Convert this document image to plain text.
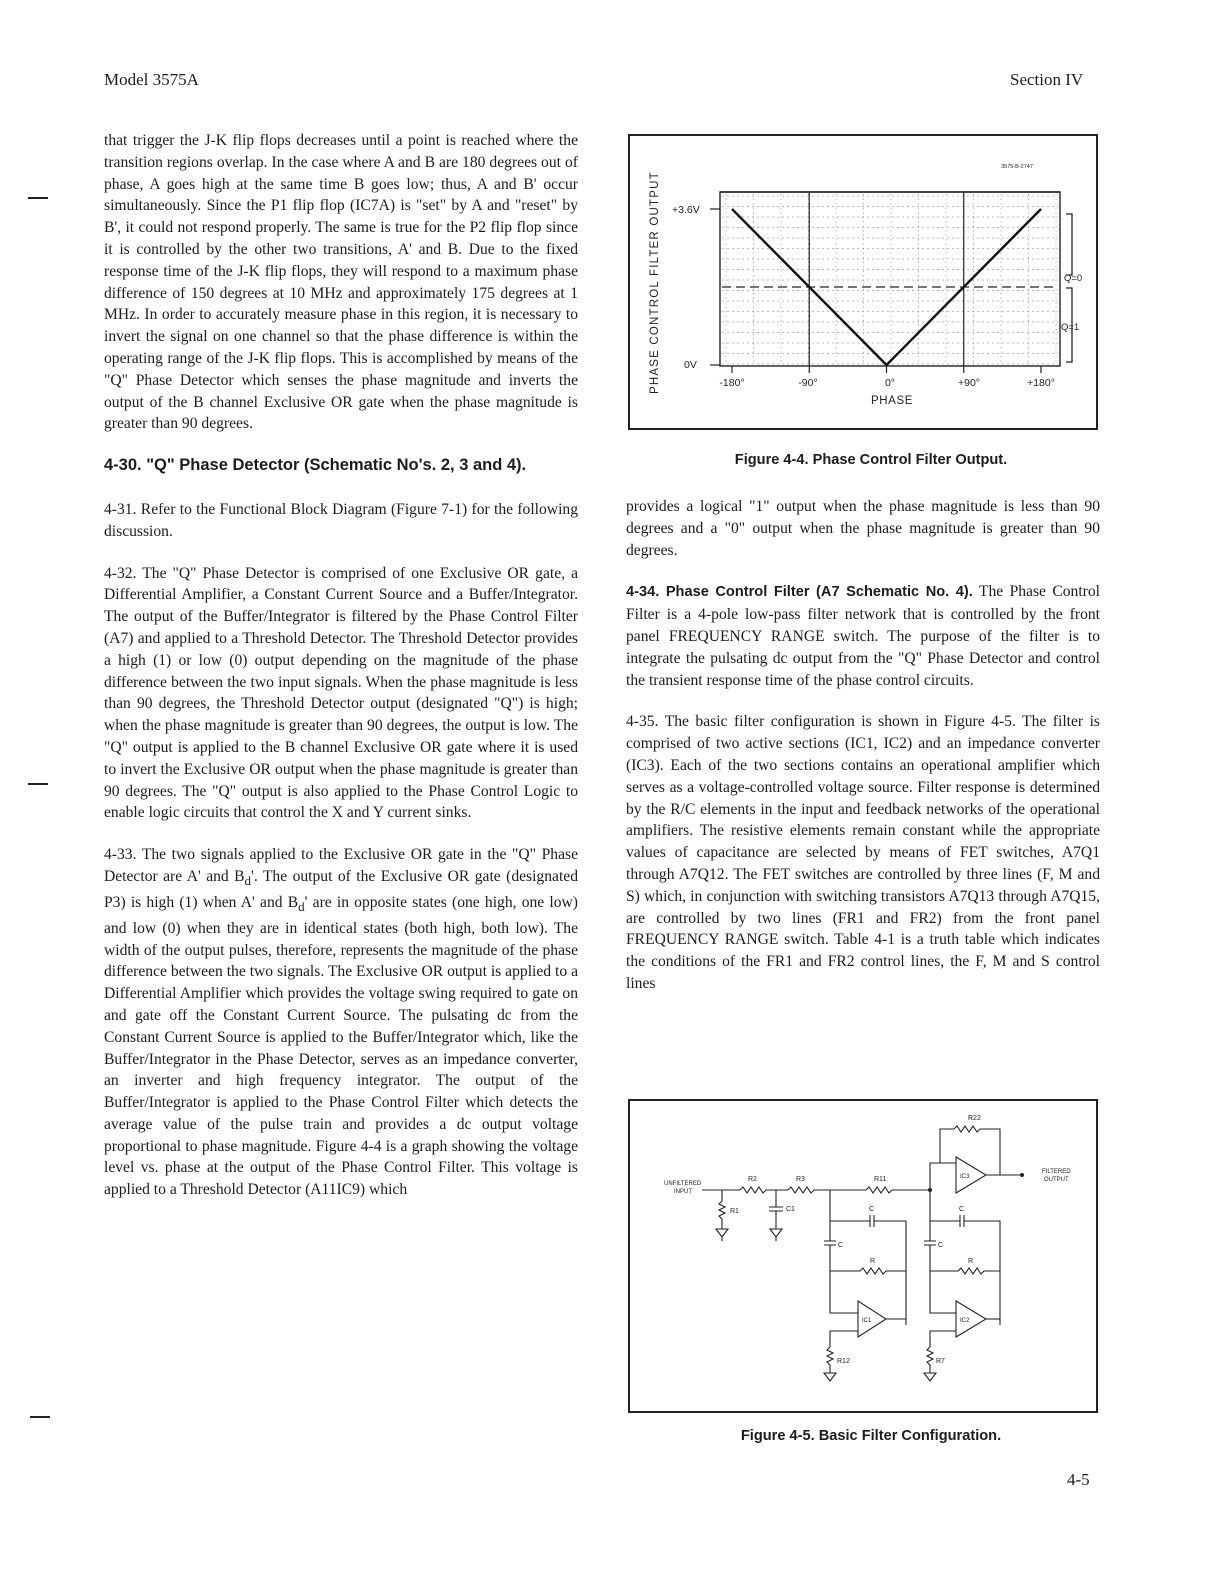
Model 3575A	Section IV

that trigger the J-K flip flops decreases until a point is reached where the transition regions overlap. In the case where A and B are 180 degrees out of phase, A goes high at the same time B goes low; thus, A and B' occur simultaneously. Since the P1 flip flop (IC7A) is "set" by A and "reset" by B', it could not respond properly. The same is true for the P2 flip flop since it is controlled by the other two transitions, A' and B. Due to the fixed response time of the J-K flip flops, they will respond to a maximum phase difference of 150 degrees at 10 MHz and approximately 175 degrees at 1 MHz. In order to accurately measure phase in this region, it is necessary to invert the signal on one channel so that the phase difference is within the operating range of the J-K flip flops. This is accomplished by means of the "Q" Phase Detector which senses the phase magnitude and inverts the output of the B channel Exclusive OR gate when the phase magnitude is greater than 90 degrees.

4-30. "Q" Phase Detector (Schematic No's. 2, 3 and 4).

4-31. Refer to the Functional Block Diagram (Figure 7-1) for the following discussion.

4-32. The "Q" Phase Detector is comprised of one Exclusive OR gate, a Differential Amplifier, a Constant Current Source and a Buffer/Integrator. The output of the Buffer/Integrator is filtered by the Phase Control Filter (A7) and applied to a Threshold Detector. The Threshold Detector provides a high (1) or low (0) output depending on the magnitude of the phase difference between the two input signals. When the phase magnitude is less than 90 degrees, the Threshold Detector output (designated "Q") is high; when the phase magnitude is greater than 90 degrees, the output is low. The "Q" output is applied to the B channel Exclusive OR gate where it is used to invert the Exclusive OR output when the phase magnitude is greater than 90 degrees. The "Q" output is also applied to the Phase Control Logic to enable logic circuits that control the X and Y current sinks.

4-33. The two signals applied to the Exclusive OR gate in the "Q" Phase Detector are A' and $B_d'$. The output of the Exclusive OR gate (designated P3) is high (1) when A' and $B_d'$ are in opposite states (one high, one low) and low (0) when they are in identical states (both high, both low). The width of the output pulses, therefore, represents the magnitude of the phase difference between the two signals. The Exclusive OR output is applied to a Differential Amplifier which provides the voltage swing required to gate on and gate off the Constant Current Source. The pulsating dc from the Constant Current Source is applied to the Buffer/Integrator which, like the Buffer/Integrator in the Phase Detector, serves as an impedance converter, an inverter and high frequency integrator. The output of the Buffer/Integrator is applied to the Phase Control Filter which detects the average value of the pulse train and provides a dc output voltage proportional to phase magnitude. Figure 4-4 is a graph showing the voltage level vs. phase at the output of the Phase Control Filter. This voltage is applied to a Threshold Detector (A11IC9) which

PHASE CONTROL FILTER OUTPUT
3575-B-2747
+3.6V
0V
-180°	-90°	0°	+90°	+180°
PHASE
Q=0
Q=1
Figure 4-4. Phase Control Filter Output.

provides a logical "1" output when the phase magnitude is less than 90 degrees and a "0" output when the phase magnitude is greater than 90 degrees.

4-34. Phase Control Filter (A7 Schematic No. 4). The Phase Control Filter is a 4-pole low-pass filter network that is controlled by the front panel FREQUENCY RANGE switch. The purpose of the filter is to integrate the pulsating dc output from the "Q" Phase Detector and control the transient response time of the phase control circuits.

4-35. The basic filter configuration is shown in Figure 4-5. The filter is comprised of two active sections (IC1, IC2) and an impedance converter (IC3). Each of the two sections contains an operational amplifier which serves as a voltage-controlled voltage source. Filter response is determined by the R/C elements in the input and feedback networks of the operational amplifiers. The resistive elements remain constant while the appropriate values of capacitance are selected by means of FET switches, A7Q1 through A7Q12. The FET switches are controlled by three lines (F, M and S) which, in conjunction with switching transistors A7Q13 through A7Q15, are controlled by two lines (FR1 and FR2) from the front panel FREQUENCY RANGE switch. Table 4-1 is a truth table which indicates the conditions of the FR1 and FR2 control lines, the F, M and S control lines

UNFILTERED
INPUT
FILTERED
OUTPUT
R22
R2	R3	R11
R1	C1	C
C
C
C
R	R
R12	R7
IC1	IC2
IC3
Figure 4-5. Basic Filter Configuration.
4-5
